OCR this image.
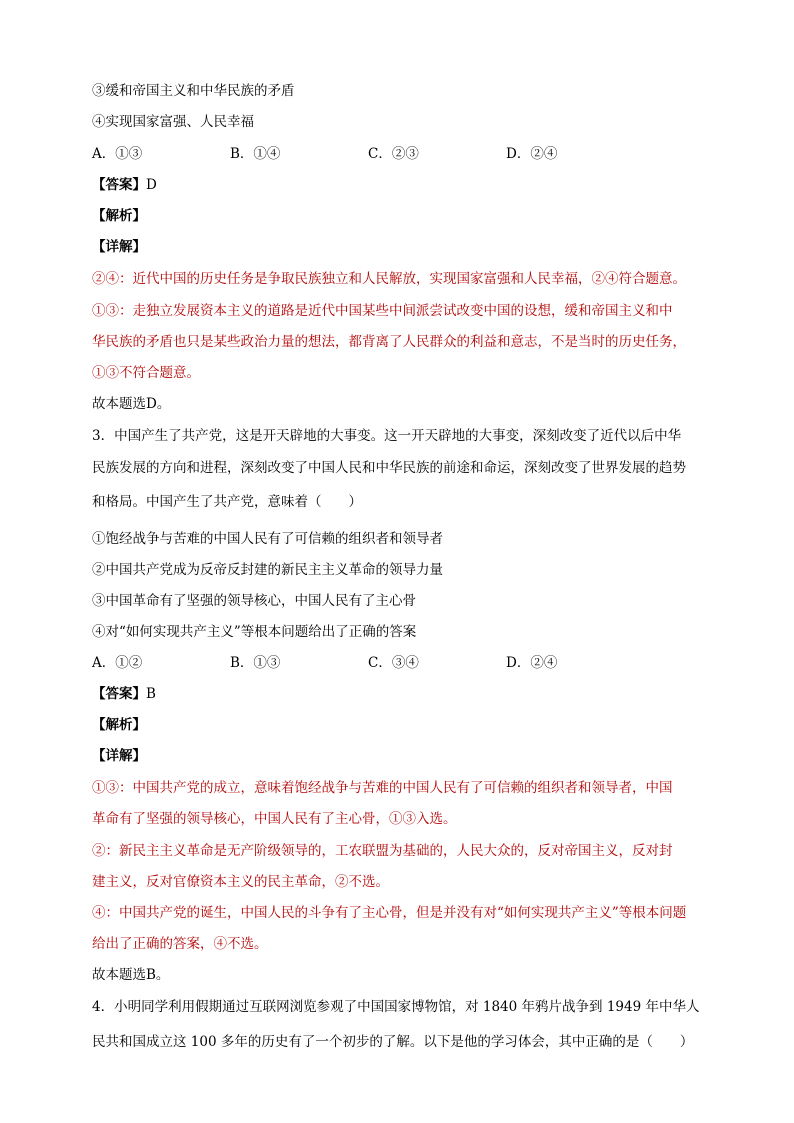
③缓和帝国主义和中华民族的矛盾
④实现国家富强、人民幸福
A．①③	B．①④	C．②③	D．②④
【答案】D
【解析】
【详解】
②④：近代中国的历史任务是争取民族独立和人民解放，实现国家富强和人民幸福，②④符合题意。
①③：走独立发展资本主义的道路是近代中国某些中间派尝试改变中国的设想，缓和帝国主义和中
华民族的矛盾也只是某些政治力量的想法，都背离了人民群众的利益和意志，不是当时的历史任务，
①③不符合题意。
故本题选D。
3．中国产生了共产党，这是开天辟地的大事变。这一开天辟地的大事变，深刻改变了近代以后中华
民族发展的方向和进程，深刻改变了中国人民和中华民族的前途和命运，深刻改变了世界发展的趋势
和格局。中国产生了共产党，意味着（　　）
①饱经战争与苦难的中国人民有了可信赖的组织者和领导者
②中国共产党成为反帝反封建的新民主主义革命的领导力量
③中国革命有了坚强的领导核心，中国人民有了主心骨
④对“如何实现共产主义”等根本问题给出了正确的答案
A．①②	B．①③	C．③④	D．②④
【答案】B
【解析】
【详解】
①③：中国共产党的成立，意味着饱经战争与苦难的中国人民有了可信赖的组织者和领导者，中国
革命有了坚强的领导核心，中国人民有了主心骨，①③入选。
②：新民主主义革命是无产阶级领导的，工农联盟为基础的，人民大众的，反对帝国主义，反对封
建主义，反对官僚资本主义的民主革命，②不选。
④：中国共产党的诞生，中国人民的斗争有了主心骨，但是并没有对“如何实现共产主义”等根本问题
给出了正确的答案，④不选。
故本题选B。
4．小明同学利用假期通过互联网浏览参观了中国国家博物馆，对 1840 年鸦片战争到 1949 年中华人
民共和国成立这 100 多年的历史有了一个初步的了解。以下是他的学习体会，其中正确的是（　　）
